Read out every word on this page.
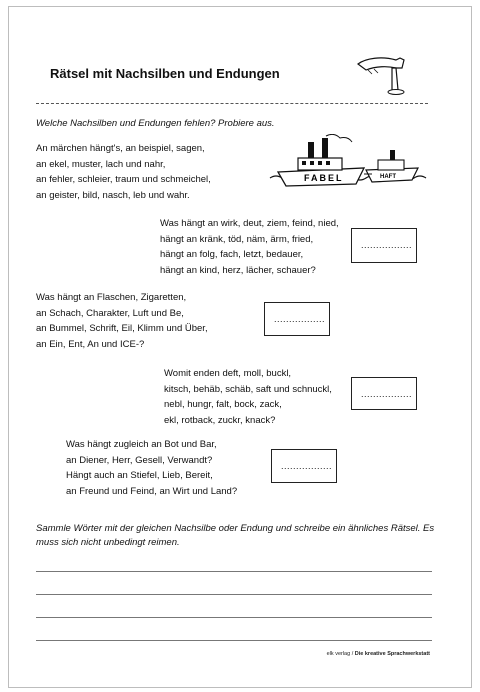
Rätsel mit Nachsilben und Endungen
Welche Nachsilben und Endungen fehlen? Probiere aus.
An märchen hängt's, an beispiel, sagen,
an ekel, muster, lach und nahr,
an fehler, schleier, traum und schmeichel,
an geister, bild, nasch, leb und wahr.
FABEL	HAFT
Was hängt an wirk, deut, ziem, feind, nied,
hängt an kränk, töd, näm, ärm, fried,
hängt an folg, fach, letzt, bedauer,
hängt an kind, herz, lächer, schauer?
.................
Was hängt an Flaschen, Zigaretten,
an Schach, Charakter, Luft und Be,
an Bummel, Schrift, Eil, Klimm und Über,
an Ein, Ent, An und ICE-?
.................
Womit enden deft, moll, buckl,
kitsch, behäb, schäb, saft und schnuckl,
nebl, hungr, falt, bock, zack,
ekl, rotback, zuckr, knack?
.................
Was hängt zugleich an Bot und Bar,
an Diener, Herr, Gesell, Verwandt?
Hängt auch an Stiefel, Lieb, Bereit,
an Freund und Feind, an Wirt und Land?
.................
Sammle Wörter mit der gleichen Nachsilbe oder Endung und schreibe ein ähnliches Rätsel. Es muss sich nicht unbedingt reimen.
elk verlag / Die kreative Sprachwerkstatt
